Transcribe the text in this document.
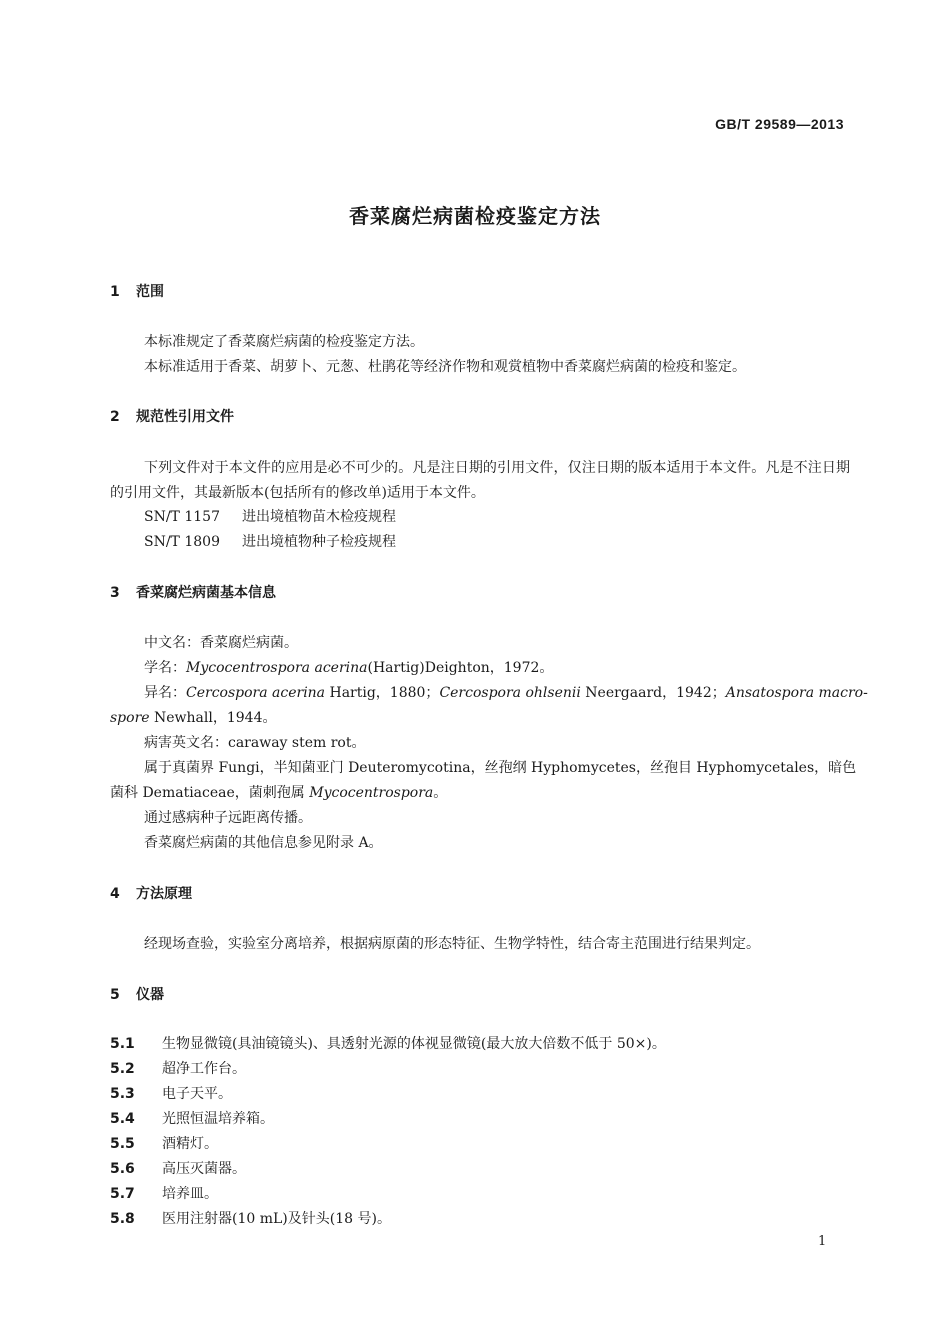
GB/T 29589—2013
香菜腐烂病菌检疫鉴定方法
1 范围
本标准规定了香菜腐烂病菌的检疫鉴定方法。
本标准适用于香菜、胡萝卜、元葱、杜鹃花等经济作物和观赏植物中香菜腐烂病菌的检疫和鉴定。
2 规范性引用文件

下列文件对于本文件的应用是必不可少的。凡是注日期的引用文件，仅注日期的版本适用于本文件。凡是不注日期的引用文件，其最新版本(包括所有的修改单)适用于本文件。

SN/T 1157 进出境植物苗木检疫规程
SN/T 1809 进出境植物种子检疫规程
3 香菜腐烂病菌基本信息
中文名：香菜腐烂病菌。
学名：Mycocentrospora acerina(Hartig)Deighton，1972。
异名：Cercospora acerina Hartig，1880；Cercospora ohlsenii Neergaard，1942；Ansatospora macro-
spore Newhall，1944。
病害英文名：caraway stem rot。
属于真菌界 Fungi，半知菌亚门 Deuteromycotina，丝孢纲 Hyphomycetes，丝孢目 Hyphomycetales，暗色
菌科 Dematiaceae，菌刺孢属 Mycocentrospora。
通过感病种子远距离传播。
香菜腐烂病菌的其他信息参见附录 A。
4 方法原理
经现场查验，实验室分离培养，根据病原菌的形态特征、生物学特性，结合寄主范围进行结果判定。
5 仪器
5.1 生物显微镜(具油镜镜头)、具透射光源的体视显微镜(最大放大倍数不低于 50×)。
5.2 超净工作台。
5.3 电子天平。
5.4 光照恒温培养箱。
5.5 酒精灯。
5.6 高压灭菌器。
5.7 培养皿。
5.8 医用注射器(10 mL)及针头(18 号)。
1
